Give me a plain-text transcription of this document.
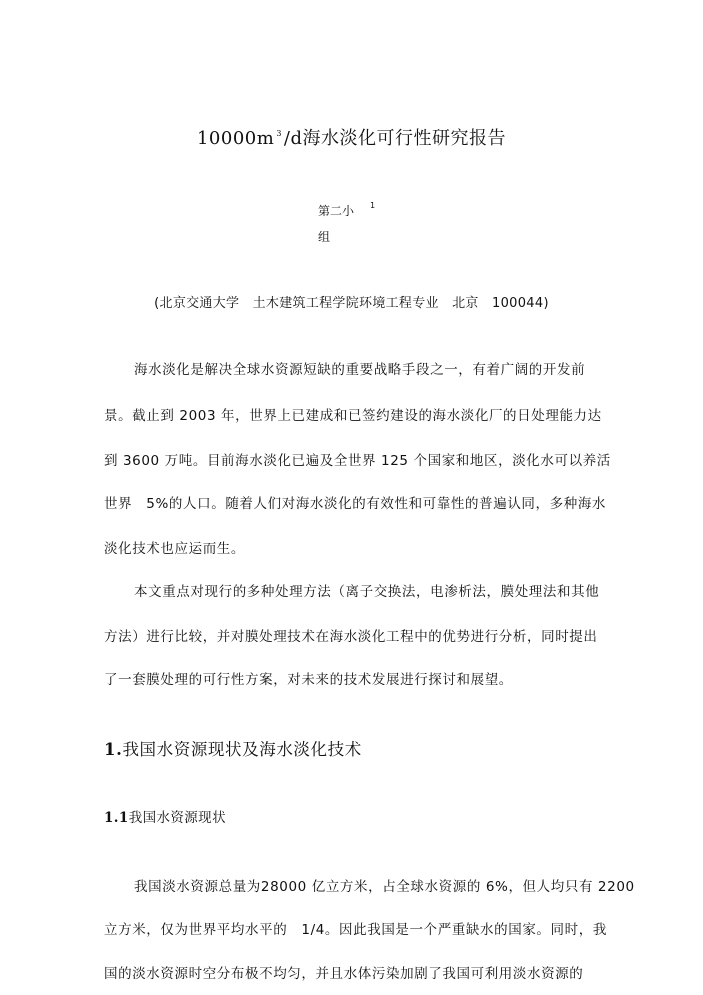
10000m $^3$ /d海水淡化可行性研究报告
第二小 1
组
(北京交通大学　土木建筑工程学院环境工程专业　北京　100044)
海水淡化是解决全球水资源短缺的重要战略手段之一，有着广阔的开发前
景。截止到 2003 年，世界上已建成和已签约建设的海水淡化厂的日处理能力达
到 3600 万吨。目前海水淡化已遍及全世界 125 个国家和地区，淡化水可以养活
世界　5%的人口。随着人们对海水淡化的有效性和可靠性的普遍认同，多种海水
淡化技术也应运而生。
本文重点对现行的多种处理方法（离子交换法，电渗析法，膜处理法和其他
方法）进行比较，并对膜处理技术在海水淡化工程中的优势进行分析，同时提出
了一套膜处理的可行性方案，对未来的技术发展进行探讨和展望。
1.我国水资源现状及海水淡化技术
1.1我国水资源现状
我国淡水资源总量为28000 亿立方米，占全球水资源的 6%，但人均只有 2200
立方米，仅为世界平均水平的　1/4。因此我国是一个严重缺水的国家。同时，我
国的淡水资源时空分布极不均匀，并且水体污染加剧了我国可利用淡水资源的
